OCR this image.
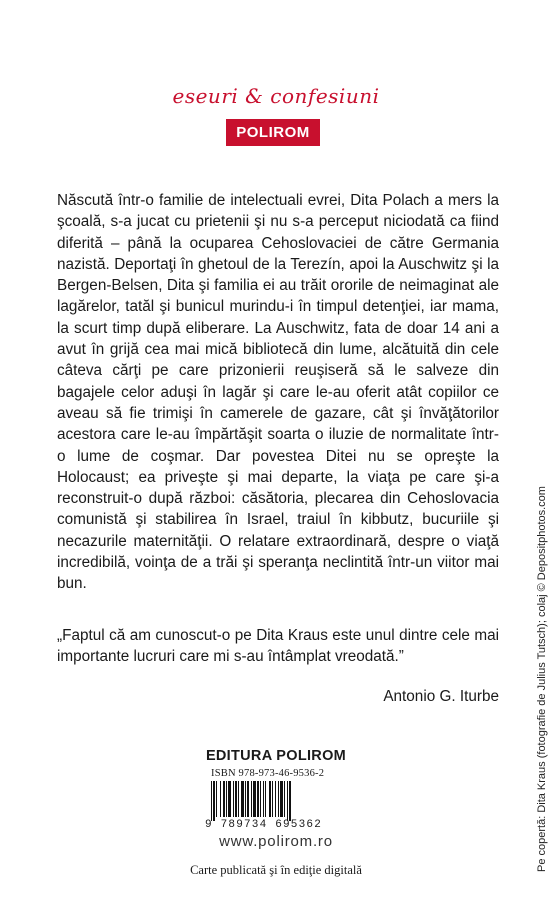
eseuri & confesiuni
POLIROM

Născută într-o familie de intelectuali evrei, Dita Polach a mers la şcoală, s-a jucat cu prietenii şi nu s-a perceput niciodată ca fiind diferită – până la ocuparea Cehoslovaciei de către Germania nazistă. Deportaţi în ghetoul de la Terezín, apoi la Auschwitz şi la Bergen-Belsen, Dita şi familia ei au trăit ororile de neimaginat ale lagărelor, tatăl şi bunicul murindu-i în timpul detenţiei, iar mama, la scurt timp după eliberare. La Auschwitz, fata de doar 14 ani a avut în grijă cea mai mică bibliotecă din lume, alcătuită din cele câteva cărţi pe care prizonierii reuşiseră să le salveze din bagajele celor aduşi în lagăr şi care le-au oferit atât copiilor ce aveau să fie trimişi în camerele de gazare, cât şi învăţătorilor acestora care le-au împărtăşit soarta o iluzie de normalitate într-o lume de coşmar. Dar povestea Ditei nu se opreşte la Holocaust; ea priveşte şi mai departe, la viaţa pe care şi-a reconstruit-o după război: căsătoria, plecarea din Cehoslovacia comunistă şi stabilirea în Israel, traiul în kibbutz, bucuriile şi necazurile maternităţii. O relatare extraordinară, despre o viaţă incredibilă, voinţa de a trăi şi speranţa neclintită într-un viitor mai bun.

„Faptul că am cunoscut-o pe Dita Kraus este unul dintre cele mai importante lucruri care mi s-au întâmplat vreodată.”

Antonio G. Iturbe
EDITURA POLIROM
ISBN 978-973-46-9536-2
9 789734 695362
www.polirom.ro
Carte publicată şi în ediţie digitală	Pe copertă: Dita Kraus (fotografie de Julius Tutsch); colaj © Depositphotos.com
